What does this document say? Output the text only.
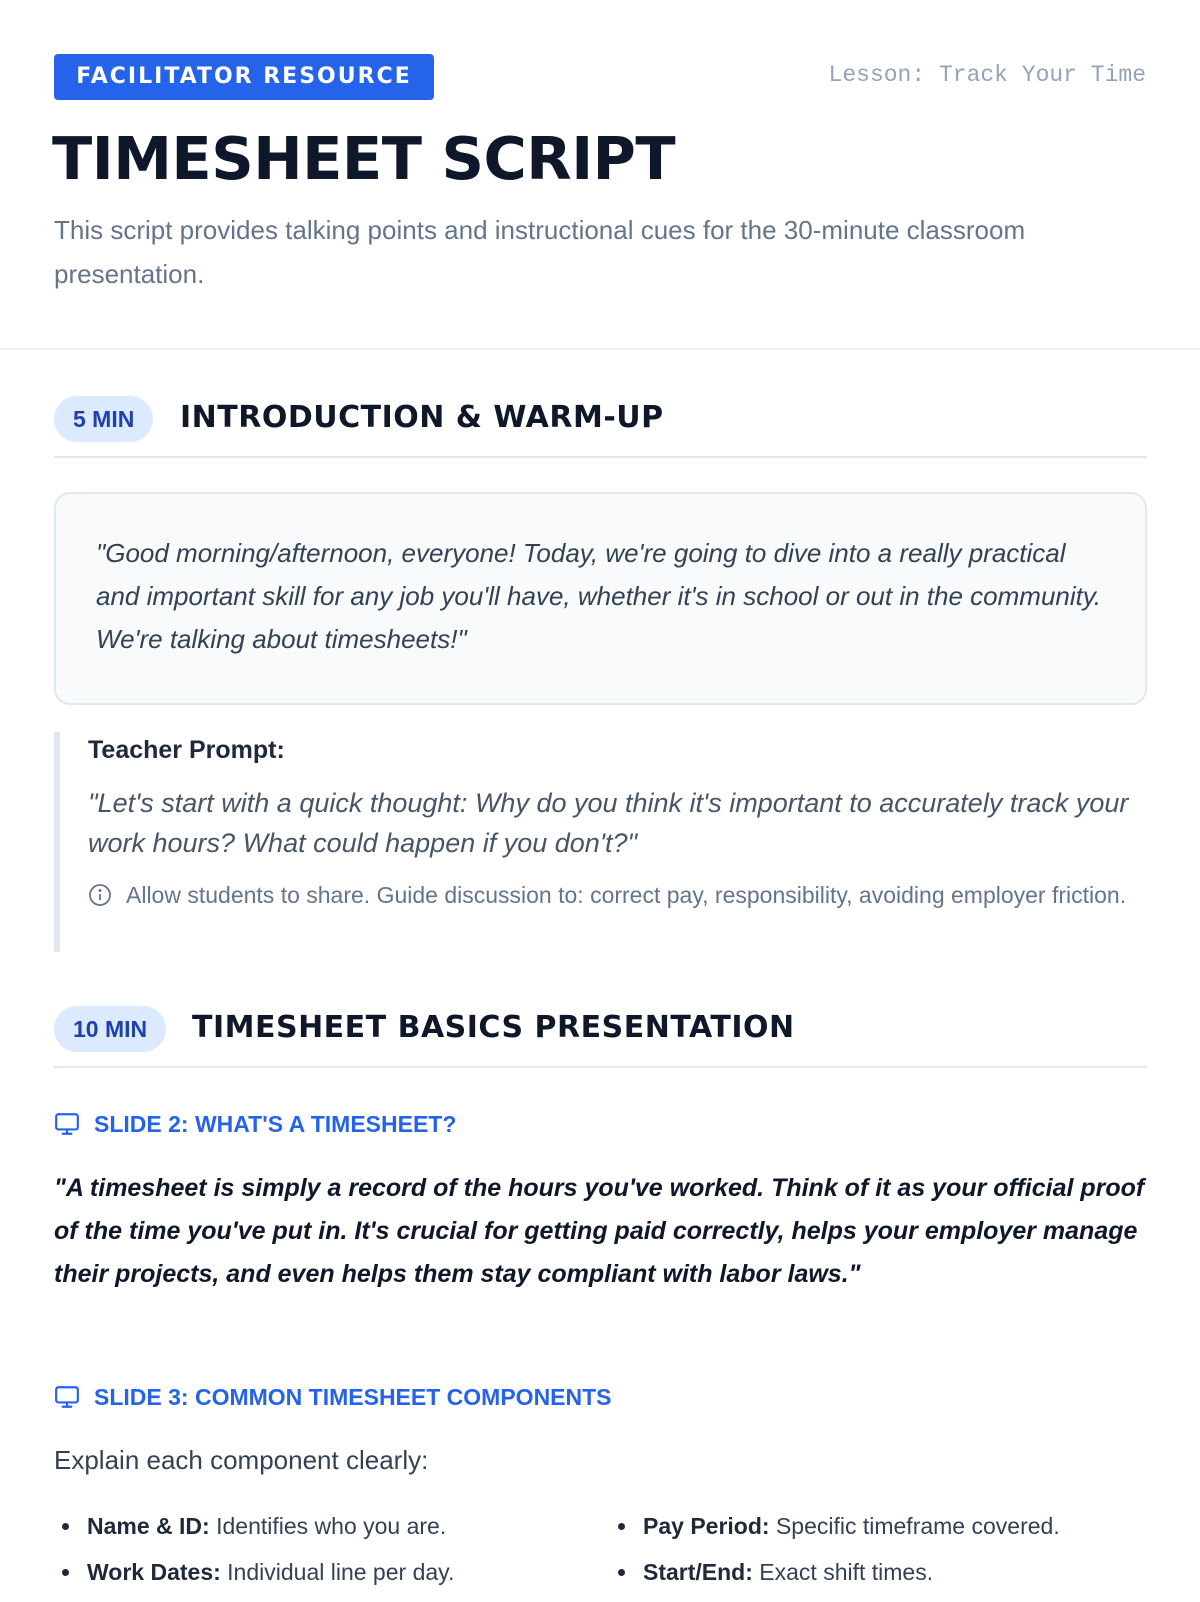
FACILITATOR RESOURCE	Lesson: Track Your Time
TIMESHEET SCRIPT

This script provides talking points and instructional cues for the 30-minute classroom presentation.

5 MIN	INTRODUCTION & WARM-UP
"Good morning/afternoon, everyone! Today, we're going to dive into a really practical and important skill for any job you'll have, whether it's in school or out in the community. We're talking about timesheets!"
Teacher Prompt:
"Let's start with a quick thought: Why do you think it's important to accurately track your work hours? What could happen if you don't?"
Allow students to share. Guide discussion to: correct pay, responsibility, avoiding employer friction.
10 MIN	TIMESHEET BASICS PRESENTATION
SLIDE 2: WHAT'S A TIMESHEET?

"A timesheet is simply a record of the hours you've worked. Think of it as your official proof of the time you've put in. It's crucial for getting paid correctly, helps your employer manage their projects, and even helps them stay compliant with labor laws."

SLIDE 3: COMMON TIMESHEET COMPONENTS

Explain each component clearly:

Name & ID: Identifies who you are.
Work Dates: Individual line per day.
Pay Period: Specific timeframe covered.
Start/End: Exact shift times.
